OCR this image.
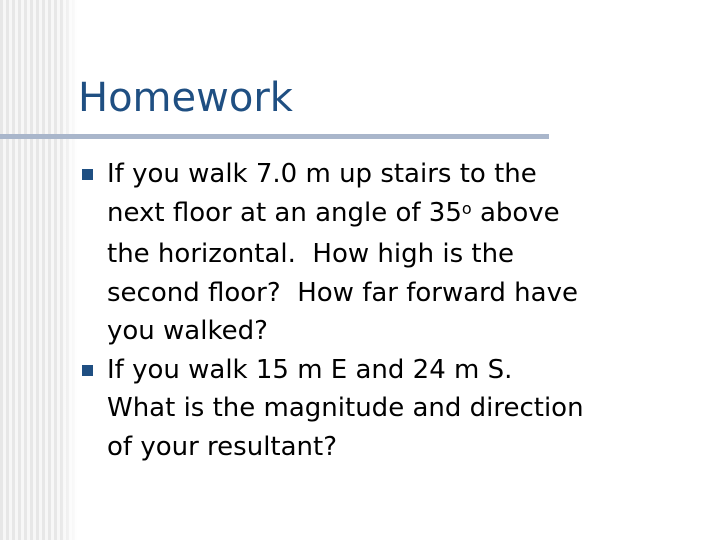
Homework
If you walk 7.0 m up stairs to the
next floor at an angle of 35$^o$ above
the horizontal.  How high is the
second floor?  How far forward have
you walked?
If you walk 15 m E and 24 m S.
What is the magnitude and direction
of your resultant?
